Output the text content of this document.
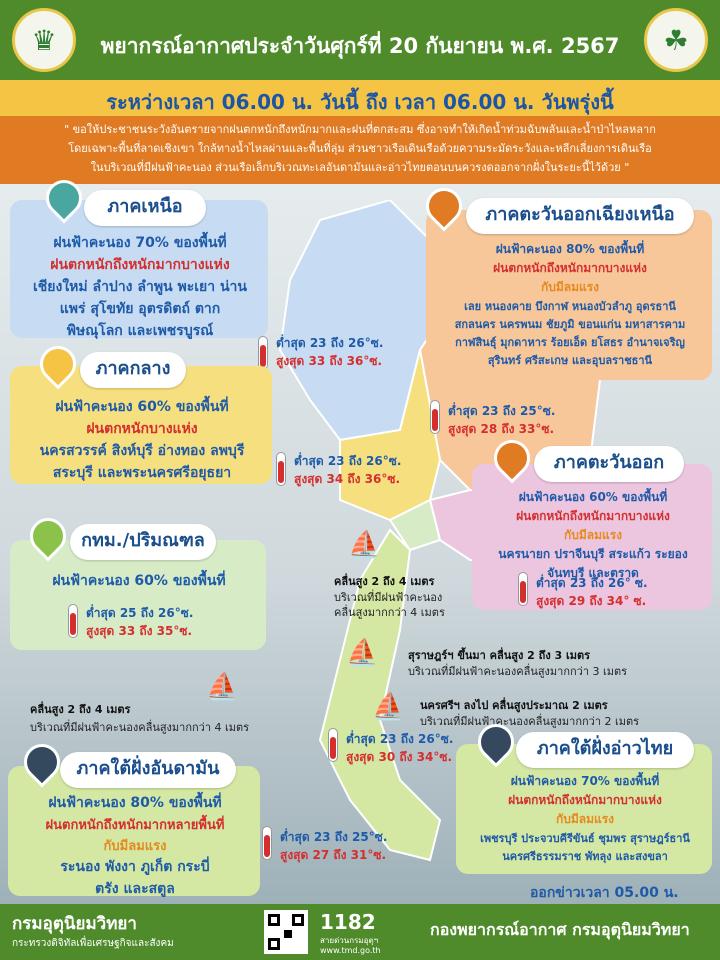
♛	พยากรณ์อากาศประจำวันศุกร์ที่ 20 กันยายน พ.ศ. 2567	☘
ระหว่างเวลา 06.00 น. วันนี้ ถึง เวลา 06.00 น. วันพรุ่งนี้
" ขอให้ประชาชนระวังอันตรายจากฝนตกหนักถึงหนักมากและฝนที่ตกสะสม ซึ่งอาจทำให้เกิดน้ำท่วมฉับพลันและน้ำป่าไหลหลาก
โดยเฉพาะพื้นที่ลาดเชิงเขา ใกล้ทางน้ำไหลผ่านและพื้นที่ลุ่ม ส่วนชาวเรือเดินเรือด้วยความระมัดระวังและหลีกเลี่ยงการเดินเรือ
ในบริเวณที่มีฝนฟ้าคะนอง ส่วนเรือเล็กบริเวณทะเลอันดามันและอ่าวไทยตอนบนควรงดออกจากฝั่งในระยะนี้ไว้ด้วย "
ภาคเหนือ
ฝนฟ้าคะนอง 70% ของพื้นที่
ฝนตกหนักถึงหนักมากบางแห่ง
เชียงใหม่ ลำปาง ลำพูน พะเยา น่าน
แพร่ สุโขทัย อุตรดิตถ์ ตาก
พิษณุโลก และเพชรบูรณ์
ต่ำสุด 23 ถึง 26°ซ.
สูงสุด 33 ถึง 36°ซ.
ภาคตะวันออกเฉียงเหนือ
ฝนฟ้าคะนอง 80% ของพื้นที่
ฝนตกหนักถึงหนักมากบางแห่ง
กับมีลมแรง
เลย หนองคาย บึงกาฬ หนองบัวลำภู อุดรธานี
สกลนคร นครพนม ชัยภูมิ ขอนแก่น มหาสารคาม
กาฬสินธุ์ มุกดาหาร ร้อยเอ็ด ยโสธร อำนาจเจริญ
สุรินทร์ ศรีสะเกษ และอุบลราชธานี
ต่ำสุด 23 ถึง 25°ซ.
สูงสุด 28 ถึง 33°ซ.
ภาคกลาง
ฝนฟ้าคะนอง 60% ของพื้นที่
ฝนตกหนักบางแห่ง
นครสวรรค์ สิงห์บุรี อ่างทอง ลพบุรี
สระบุรี และพระนครศรีอยุธยา
ต่ำสุด 23 ถึง 26°ซ.
สูงสุด 34 ถึง 36°ซ.
ภาคตะวันออก
ฝนฟ้าคะนอง 60% ของพื้นที่
ฝนตกหนักถึงหนักมากบางแห่ง
กับมีลมแรง
นครนายก ปราจีนบุรี สระแก้ว ระยอง
จันทบุรี และตราด
ต่ำสุด 23 ถึง 26° ซ.
สูงสุด 29 ถึง 34° ซ.
กทม./ปริมณฑล
ฝนฟ้าคะนอง 60% ของพื้นที่
ต่ำสุด 25 ถึง 26°ซ.
สูงสุด 33 ถึง 35°ซ.
⛵
คลื่นสูง 2 ถึง 4 เมตร
บริเวณที่มีฝนฟ้าคะนอง
คลื่นสูงมากกว่า 4 เมตร
⛵	สุราษฎร์ฯ ขึ้นมา คลื่นสูง 2 ถึง 3 เมตร
บริเวณที่มีฝนฟ้าคะนองคลื่นสูงมากกว่า 3 เมตร
⛵ นครศรีฯ ลงไป คลื่นสูงประมาณ 2 เมตร
บริเวณที่มีฝนฟ้าคะนองคลื่นสูงมากกว่า 2 เมตร
⛵
คลื่นสูง 2 ถึง 4 เมตร
บริเวณที่มีฝนฟ้าคะนองคลื่นสูงมากกว่า 4 เมตร
ภาคใต้ฝั่งอ่าวไทย
ฝนฟ้าคะนอง 70% ของพื้นที่
ฝนตกหนักถึงหนักมากบางแห่ง
กับมีลมแรง
เพชรบุรี ประจวบคีรีขันธ์ ชุมพร สุราษฎร์ธานี
นครศรีธรรมราช พัทลุง และสงขลา
ต่ำสุด 23 ถึง 26°ซ.
สูงสุด 30 ถึง 34°ซ.
ภาคใต้ฝั่งอันดามัน
ฝนฟ้าคะนอง 80% ของพื้นที่
ฝนตกหนักถึงหนักมากหลายพื้นที่
กับมีลมแรง
ระนอง พังงา ภูเก็ต กระบี่
ตรัง และสตูล
ต่ำสุด 23 ถึง 25°ซ.
สูงสุด 27 ถึง 31°ซ.
ออกข่าวเวลา 05.00 น.
กรมอุตุนิยมวิทยา
กระทรวงดิจิทัลเพื่อเศรษฐกิจและสังคม
1182
สายด่วนกรมอุตุฯ
www.tmd.go.th
กองพยากรณ์อากาศ กรมอุตุนิยมวิทยา
